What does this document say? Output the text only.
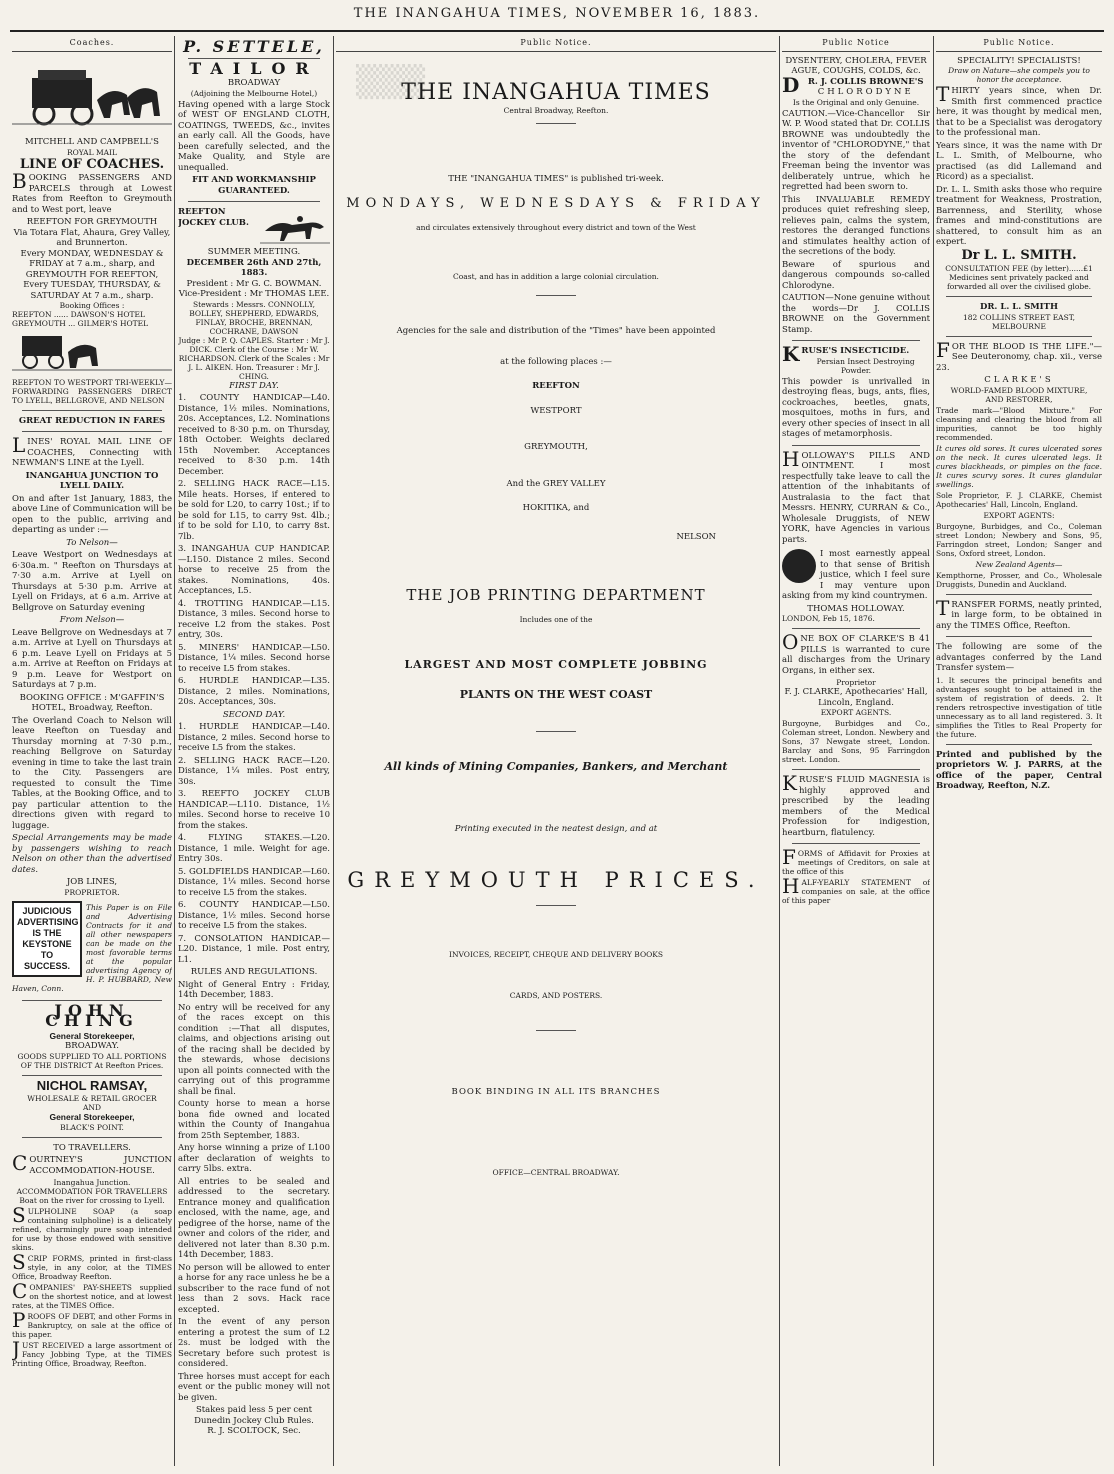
THE INANGAHUA TIMES, NOVEMBER 16, 1883.
Coaches.
MITCHELL AND CAMPBELL'S
ROYAL MAIL
LINE OF COACHES.

BOOKING PASSENGERS AND PARCELS through at Lowest Rates from Reefton to Greymouth and to West port, leave

REEFTON FOR GREYMOUTH
Via Totara Flat, Ahaura, Grey Valley, and Brunnerton.
Every MONDAY, WEDNESDAY & FRIDAY at 7 a.m., sharp, and
GREYMOUTH FOR REEFTON,
Every TUESDAY, THURSDAY, & SATURDAY At 7 a.m., sharp.
Booking Offices :
REEFTON ...... DAWSON'S HOTEL
GREYMOUTH ... GILMER'S HOTEL

REEFTON TO WESTPORT TRI-WEEKLY—FORWARDING PASSENGERS DIRECT TO LYELL, BELLGROVE, AND NELSON

GREAT REDUCTION IN FARES

LINES' ROYAL MAIL LINE OF COACHES, Connecting with NEWMAN'S LINE at the Lyell.

INANGAHUA JUNCTION TO LYELL DAILY.

On and after 1st January, 1883, the above Line of Communication will be open to the public, arriving and departing as under :—

To Nelson—

Leave Westport on Wednesdays at 6·30a.m. " Reefton on Thursdays at 7·30 a.m. Arrive at Lyell on Thursdays at 5·30 p.m. Arrive at Lyell on Fridays, at 6 a.m. Arrive at Bellgrove on Saturday evening

From Nelson—

Leave Bellgrove on Wednesdays at 7 a.m. Arrive at Lyell on Thursdays at 6 p.m. Leave Lyell on Fridays at 5 a.m. Arrive at Reefton on Fridays at 9 p.m. Leave for Westport on Saturdays at 7 p.m.

BOOKING OFFICE : M'GAFFIN'S HOTEL, Broadway, Reefton.

The Overland Coach to Nelson will leave Reefton on Tuesday and Thursday morning at 7·30 p.m., reaching Bellgrove on Saturday evening in time to take the last train to the City. Passengers are requested to consult the Time Tables, at the Booking Office, and to pay particular attention to the directions given with regard to luggage.

Special Arrangements may be made by passengers wishing to reach Nelson on other than the advertised dates.

JOB LINES,
PROPRIETOR.
JUDICIOUS ADVERTISING IS THE KEYSTONE TO SUCCESS.

This Paper is on File and Advertising Contracts for it and all other newspapers can be made on the most favorable terms at the popular advertising Agency of H. P. HUBBARD, New Haven, Conn.

JOHN CHING
General Storekeeper,
BROADWAY.
GOODS SUPPLIED TO ALL PORTIONS OF THE DISTRICT At Reefton Prices.
NICHOL RAMSAY,
WHOLESALE & RETAIL GROCER
AND
General Storekeeper,
BLACK'S POINT.
TO TRAVELLERS.

COURTNEY'S JUNCTION ACCOMMODATION-HOUSE.

Inangahua Junction.
ACCOMMODATION FOR TRAVELLERS
Boat on the river for crossing to Lyell.

SULPHOLINE SOAP (a soap containing sulpholine) is a delicately refined, charmingly pure soap intended for use by those endowed with sensitive skins.

SCRIP FORMS, printed in first-class style, in any color, at the TIMES Office, Broadway Reefton.

COMPANIES' PAY-SHEETS supplied on the shortest notice, and at lowest rates, at the TIMES Office.

PROOFS OF DEBT, and other Forms in Bankruptcy, on sale at the office of this paper.

JUST RECEIVED a large assortment of Fancy Jobbing Type, at the TIMES Printing Office, Broadway, Reefton.

P. SETTELE,
TAILOR
BROADWAY
(Adjoining the Melbourne Hotel,)

Having opened with a large Stock of WEST OF ENGLAND CLOTH, COATINGS, TWEEDS, &c., invites an early call. All the Goods, have been carefully selected, and the Make Quality, and Style are unequalled.

FIT AND WORKMANSHIP GUARANTEED.
REEFTON JOCKEY CLUB.
SUMMER MEETING.
DECEMBER 26th AND 27th, 1883.
President : Mr G. C. BOWMAN. Vice-President : Mr THOMAS LEE.
Stewards : Messrs. CONNOLLY, BOLLEY, SHEPHERD, EDWARDS, FINLAY, BROCHE, BRENNAN, COCHRANE, DAWSON
Judge : Mr P. Q. CAPLES. Starter : Mr J. DICK. Clerk of the Course : Mr W. RICHARDSON. Clerk of the Scales : Mr J. L. AIKEN. Hon. Treasurer : Mr J. CHING.
FIRST DAY.

1. COUNTY HANDICAP—L40. Distance, 1½ miles. Nominations, 20s. Acceptances, L2. Nominations received to 8·30 p.m. on Thursday, 18th October. Weights declared 15th November. Acceptances received to 8·30 p.m. 14th December.

2. SELLING HACK RACE—L15. Mile heats. Horses, if entered to be sold for L20, to carry 10st.; if to be sold for L15, to carry 9st. 4lb.; if to be sold for L10, to carry 8st. 7lb.

3. INANGAHUA CUP HANDICAP.—L150. Distance 2 miles. Second horse to receive 25 from the stakes. Nominations, 40s. Acceptances, L5.

4. TROTTING HANDICAP.—L15. Distance, 3 miles. Second horse to receive L2 from the stakes. Post entry, 30s.

5. MINERS' HANDICAP.—L50. Distance, 1¼ miles. Second horse to receive L5 from stakes.

6. HURDLE HANDICAP.—L35. Distance, 2 miles. Nominations, 20s. Acceptances, 30s.

SECOND DAY.

1. HURDLE HANDICAP.—L40. Distance, 2 miles. Second horse to receive L5 from the stakes.

2. SELLING HACK RACE—L20. Distance, 1¼ miles. Post entry, 30s.

3. REEFTO JOCKEY CLUB HANDICAP.—L110. Distance, 1½ miles. Second horse to receive 10 from the stakes.

4. FLYING STAKES.—L20. Distance, 1 mile. Weight for age. Entry 30s.

5. GOLDFIELDS HANDICAP.—L60. Distance, 1¼ miles. Second horse to receive L5 from the stakes.

6. COUNTY HANDICAP.—L50. Distance, 1½ miles. Second horse to receive L5 from the stakes.

7. CONSOLATION HANDICAP.—L20. Distance, 1 mile. Post entry, L1.

RULES AND REGULATIONS.

Night of General Entry : Friday, 14th December, 1883.

No entry will be received for any of the races except on this condition :—That all disputes, claims, and objections arising out of the racing shall be decided by the stewards, whose decisions upon all points connected with the carrying out of this programme shall be final.

County horse to mean a horse bona fide owned and located within the County of Inangahua from 25th September, 1883.

Any horse winning a prize of L100 after declaration of weights to carry 5lbs. extra.

All entries to be sealed and addressed to the secretary. Entrance money and qualification enclosed, with the name, age, and pedigree of the horse, name of the owner and colors of the rider, and delivered not later than 8.30 p.m. 14th December, 1883.

No person will be allowed to enter a horse for any race unless he be a subscriber to the race fund of not less than 2 sovs. Hack race excepted.

In the event of any person entering a protest the sum of L2 2s. must be lodged with the Secretary before such protest is considered.

Three horses must accept for each event or the public money will not be given.

Stakes paid less 5 per cent
Dunedin Jockey Club Rules.
R. J. SCOLTOCK, Sec.
Public Notice.
▒▒▒
THE INANGAHUA TIMES
Central Broadway, Reefton.
THE "INANGAHUA TIMES" is published tri-week.
MONDAYS, WEDNESDAYS & FRIDAY
and circulates extensively throughout every district and town of the West
Coast, and has in addition a large colonial circulation.
Agencies for the sale and distribution of the "Times" have been appointed
at the following places :—
REEFTON
WESTPORT
GREYMOUTH,
And the GREY VALLEY
HOKITIKA, and
NELSON
THE JOB PRINTING DEPARTMENT
Includes one of the
LARGEST AND MOST COMPLETE JOBBING
PLANTS ON THE WEST COAST
All kinds of Mining Companies, Bankers, and Merchant
Printing executed in the neatest design, and at
GREYMOUTH PRICES.
INVOICES, RECEIPT, CHEQUE AND DELIVERY BOOKS
CARDS, AND POSTERS.
BOOK BINDING IN ALL ITS BRANCHES
OFFICE—CENTRAL BROADWAY.
Public Notice
DYSENTERY, CHOLERA, FEVER AGUE, COUGHS, COLDS, &c.
DR. J. COLLIS BROWNE'S
CHLORODYNE
Is the Original and only Genuine.

CAUTION.—Vice-Chancellor Sir W. P. Wood stated that Dr. COLLIS BROWNE was undoubtedly the inventor of "CHLORODYNE," that the story of the defendant Freeman being the inventor was deliberately untrue, which he regretted had been sworn to.

This INVALUABLE REMEDY produces quiet refreshing sleep, relieves pain, calms the system, restores the deranged functions and stimulates healthy action of the secretions of the body.

Beware of spurious and dangerous compounds so-called Chlorodyne.

CAUTION—None genuine without the words—Dr J. COLLIS BROWNE on the Government Stamp.

KRUSE'S INSECTICIDE.
Persian Insect Destroying Powder.

This powder is unrivalled in destroying fleas, bugs, ants, flies, cockroaches, beetles, gnats, mosquitoes, moths in furs, and every other species of insect in all stages of metamorphosis.

HOLLOWAY'S PILLS AND OINTMENT. I most respectfully take leave to call the attention of the inhabitants of Australasia to the fact that Messrs. HENRY, CURRAN & Co., Wholesale Druggists, of NEW YORK, have Agencies in various parts.

I most earnestly appeal to that sense of British justice, which I feel sure I may venture upon asking from my kind countrymen.

THOMAS HOLLOWAY.
LONDON, Feb 15, 1876.

ONE BOX OF CLARKE'S B 41 PILLS is warranted to cure all discharges from the Urinary Organs, in either sex.

Proprietor
F. J. CLARKE, Apothecaries' Hall, Lincoln, England.
EXPORT AGENTS.

Burgoyne, Burbidges and Co., Coleman street, London. Newbery and Sons, 37 Newgate street, London. Barclay and Sons, 95 Farringdon street. London.

KRUSE'S FLUID MAGNESIA is highly approved and prescribed by the leading members of the Medical Profession for indigestion, heartburn, flatulency.

FORMS of Affidavit for Proxies at meetings of Creditors, on sale at the office of this

HALF-YEARLY STATEMENT of companies on sale, at the office of this paper

Public Notice.
SPECIALITY! SPECIALISTS!
Draw on Nature—she compels you to honor the acceptance.

THIRTY years since, when Dr. Smith first commenced practice here, it was thought by medical men, that to be a Specialist was derogatory to the professional man.

Years since, it was the name with Dr L. L. Smith, of Melbourne, who practised (as did Lallemand and Ricord) as a specialist.

Dr. L. L. Smith asks those who require treatment for Weakness, Prostration, Barrenness, and Sterility, whose frames and mind-constitutions are shattered, to consult him as an expert.

Dr L. L. SMITH.
CONSULTATION FEE (by letter)......£1 Medicines sent privately packed and forwarded all over the civilised globe.
DR. L. L. SMITH
182 COLLINS STREET EAST, MELBOURNE

FOR THE BLOOD IS THE LIFE."—See Deuteronomy, chap. xii., verse 23.

CLARKE'S
WORLD-FAMED BLOOD MIXTURE,
AND RESTORER,

Trade mark—"Blood Mixture." For cleansing and clearing the blood from all impurities, cannot be too highly recommended.

It cures old sores. It cures ulcerated sores on the neck. It cures ulcerated legs. It cures blackheads, or pimples on the face. It cures scurvy sores. It cures glandular swellings.

Sole Proprietor, F. J. CLARKE, Chemist Apothecaries' Hall, Lincoln, England.

EXPORT AGENTS:

Burgoyne, Burbidges, and Co., Coleman street London; Newbery and Sons, 95, Farringdon street, London; Sanger and Sons, Oxford street, London.

New Zealand Agents—

Kempthorne, Prosser, and Co., Wholesale Druggists, Dunedin and Auckland.

TRANSFER FORMS, neatly printed, in large form, to be obtained in any the TIMES Office, Reefton.

The following are some of the advantages conferred by the Land Transfer system—

1. It secures the principal benefits and advantages sought to be attained in the system of registration of deeds. 2. It renders retrospective investigation of title unnecessary as to all land registered. 3. It simplifies the Titles to Real Property for the future.

Printed and published by the proprietors W. J. PARRS, at the office of the paper, Central Broadway, Reefton, N.Z.
